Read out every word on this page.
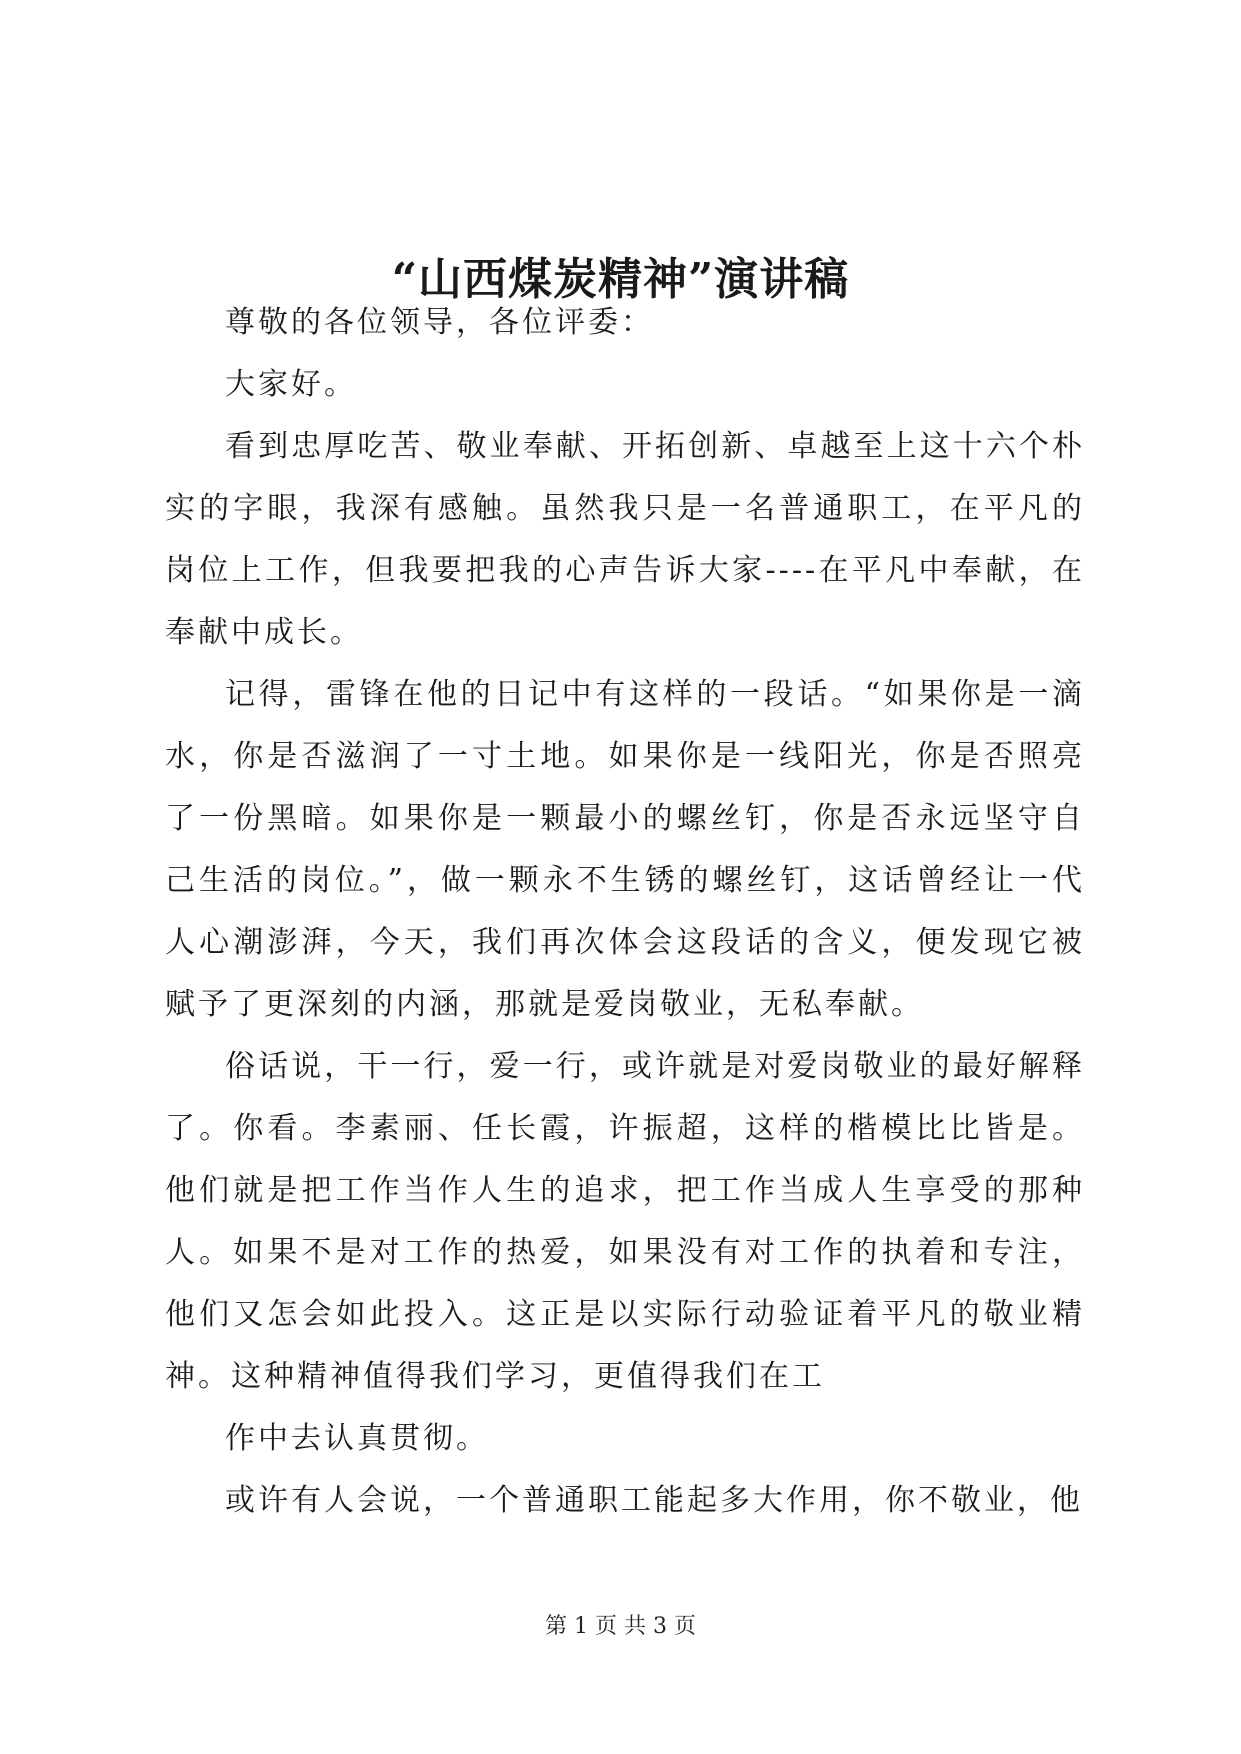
“山西煤炭精神”演讲稿

尊敬的各位领导，各位评委：

大家好。

看到忠厚吃苦、敬业奉献、开拓创新、卓越至上这十六个朴实的字眼，我深有感触。虽然我只是一名普通职工，在平凡的岗位上工作，但我要把我的心声告诉大家----在平凡中奉献，在奉献中成长。

记得，雷锋在他的日记中有这样的一段话。“如果你是一滴水，你是否滋润了一寸土地。如果你是一线阳光，你是否照亮了一份黑暗。如果你是一颗最小的螺丝钉，你是否永远坚守自己生活的岗位。”，做一颗永不生锈的螺丝钉，这话曾经让一代人心潮澎湃，今天，我们再次体会这段话的含义，便发现它被赋予了更深刻的内涵，那就是爱岗敬业，无私奉献。

俗话说，干一行，爱一行，或许就是对爱岗敬业的最好解释了。你看。李素丽、任长霞，许振超，这样的楷模比比皆是。他们就是把工作当作人生的追求，把工作当成人生享受的那种人。如果不是对工作的热爱，如果没有对工作的执着和专注，他们又怎会如此投入。这正是以实际行动验证着平凡的敬业精神。这种精神值得我们学习，更值得我们在工

作中去认真贯彻。

或许有人会说，一个普通职工能起多大作用，你不敬业，他

第 1 页 共 3 页
